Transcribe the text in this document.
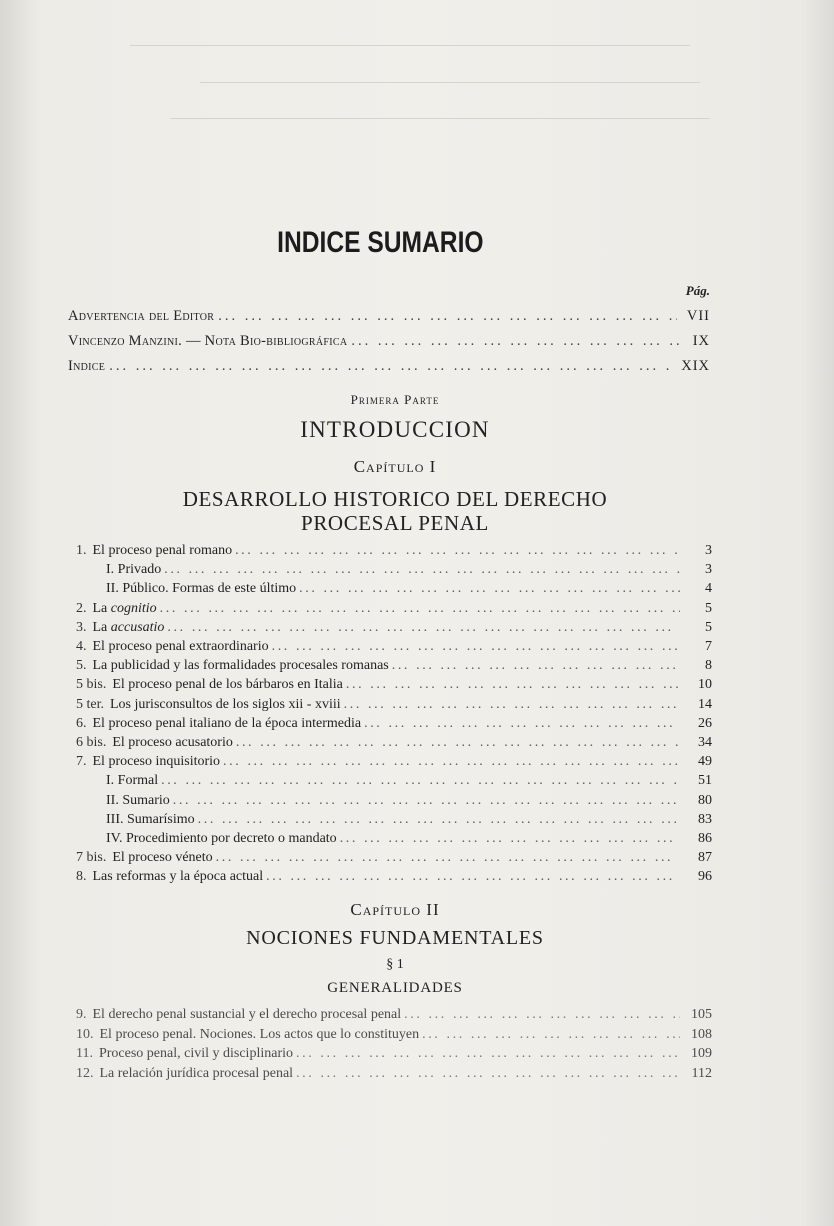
INDICE SUMARIO
Pág.
Advertencia del Editor ... .	VII
Vincenzo Manzini. — Nota Bio-bibliográfica ... .	IX
Indice ... .	XIX
Primera Parte
INTRODUCCION
Capítulo I
DESARROLLO HISTORICO DEL DERECHO
PROCESAL PENAL
1. El proceso penal romano ... .	3
I. Privado ... .	3
II. Público. Formas de este último ... .	4
2. La cognitio ... .	5
3. La accusatio ... .	5
4. El proceso penal extraordinario ... .	7
5. La publicidad y las formalidades procesales romanas ... .	8
5 bis. El proceso penal de los bárbaros en Italia ... .	10
5 ter. Los jurisconsultos de los siglos xii - xviii ... .	14
6. El proceso penal italiano de la época intermedia ... .	26
6 bis. El proceso acusatorio ... .	34
7. El proceso inquisitorio ... .	49
I. Formal ... .	51
II. Sumario ... .	80
III. Sumarísimo ... .	83
IV. Procedimiento por decreto o mandato ... .	86
7 bis. El proceso véneto ... .	87
8. Las reformas y la época actual ... .	96
Capítulo II
NOCIONES FUNDAMENTALES
§ 1
GENERALIDADES
9. El derecho penal sustancial y el derecho procesal penal ... .	105
10. El proceso penal. Nociones. Los actos que lo constituyen ... .	108
11. Proceso penal, civil y disciplinario ... .	109
12. La relación jurídica procesal penal ... .	112
